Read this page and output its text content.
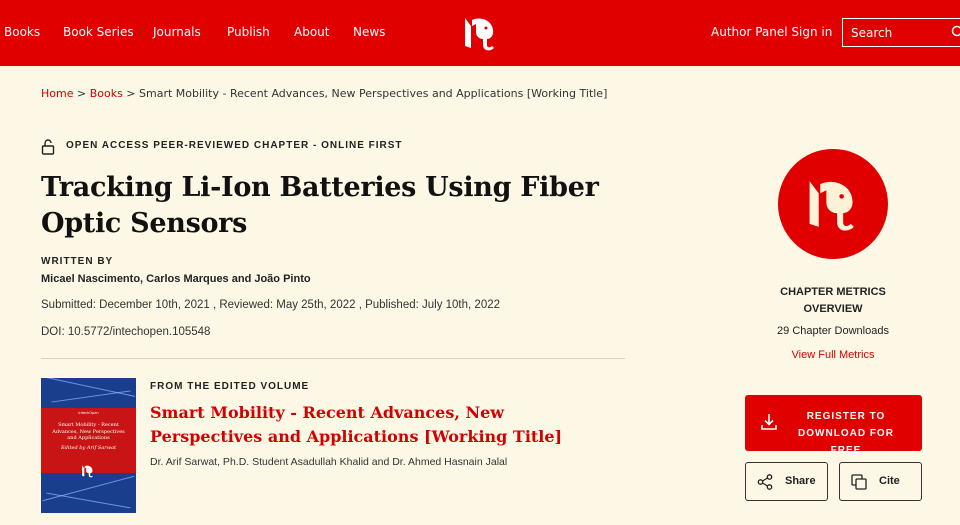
Books Book Series Journals Publish About News	Author Panel Sign in
Search
Home > Books > Smart Mobility - Recent Advances, New Perspectives and Applications [Working Title]
OPEN ACCESS PEER-REVIEWED CHAPTER - ONLINE FIRST
Tracking Li-Ion Batteries Using Fiber Optic Sensors
WRITTEN BY
Micael Nascimento, Carlos Marques and João Pinto
Submitted: December 10th, 2021 , Reviewed: May 25th, 2022 , Published: July 10th, 2022
DOI: 10.5772/intechopen.105548
IntechOpen
Smart Mobility - Recent Advances, New Perspectives and Applications
Edited by Arif Sarwat
FROM THE EDITED VOLUME
Smart Mobility - Recent Advances, New Perspectives and Applications [Working Title]
Dr. Arif Sarwat, Ph.D. Student Asadullah Khalid and Dr. Ahmed Hasnain Jalal
CHAPTER METRICS OVERVIEW
29 Chapter Downloads
View Full Metrics
REGISTER TO DOWNLOAD FOR FREE
Share	Cite
